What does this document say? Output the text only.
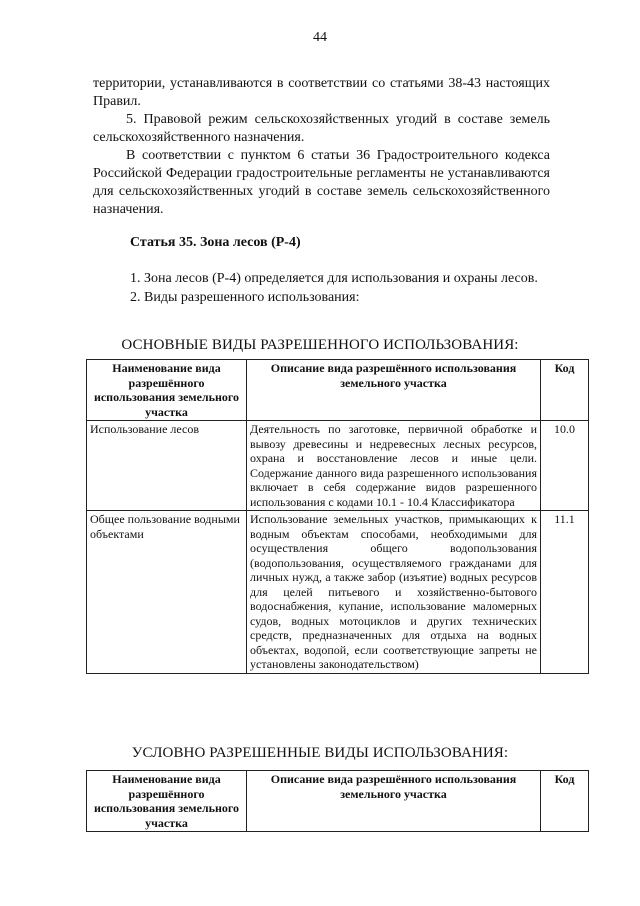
44
территории, устанавливаются в соответствии со статьями 38-43 настоящих Правил.
5. Правовой режим сельскохозяйственных угодий в составе земель сельскохозяйственного назначения.
В соответствии с пунктом 6 статьи 36 Градостроительного кодекса Российской Федерации градостроительные регламенты не устанавливаются для сельскохозяйственных угодий в составе земель сельскохозяйственного назначения.
Статья 35. Зона лесов (Р-4)
1. Зона лесов (Р-4) определяется для использования и охраны лесов.
2. Виды разрешенного использования:
ОСНОВНЫЕ ВИДЫ РАЗРЕШЕННОГО ИСПОЛЬЗОВАНИЯ:
Наименование вида разрешённого использования земельного участка	Описание вида разрешённого использования земельного участка	Код
Использование лесов	Деятельность по заготовке, первичной обработке и вывозу древесины и недревесных лесных ресурсов, охрана и восстановление лесов и иные цели. Содержание данного вида разрешенного использования включает в себя содержание видов разрешенного использования с кодами 10.1 - 10.4 Классификатора	10.0
Общее пользование водными объектами	Использование земельных участков, примыкающих к водным объектам способами, необходимыми для осуществления общего водопользования (водопользования, осуществляемого гражданами для личных нужд, а также забор (изъятие) водных ресурсов для целей питьевого и хозяйственно-бытового водоснабжения, купание, использование маломерных судов, водных мотоциклов и других технических средств, предназначенных для отдыха на водных объектах, водопой, если соответствующие запреты не установлены законодательством)	11.1
УСЛОВНО РАЗРЕШЕННЫЕ ВИДЫ ИСПОЛЬЗОВАНИЯ:
Наименование вида разрешённого использования земельного участка	Описание вида разрешённого использования земельного участка	Код
